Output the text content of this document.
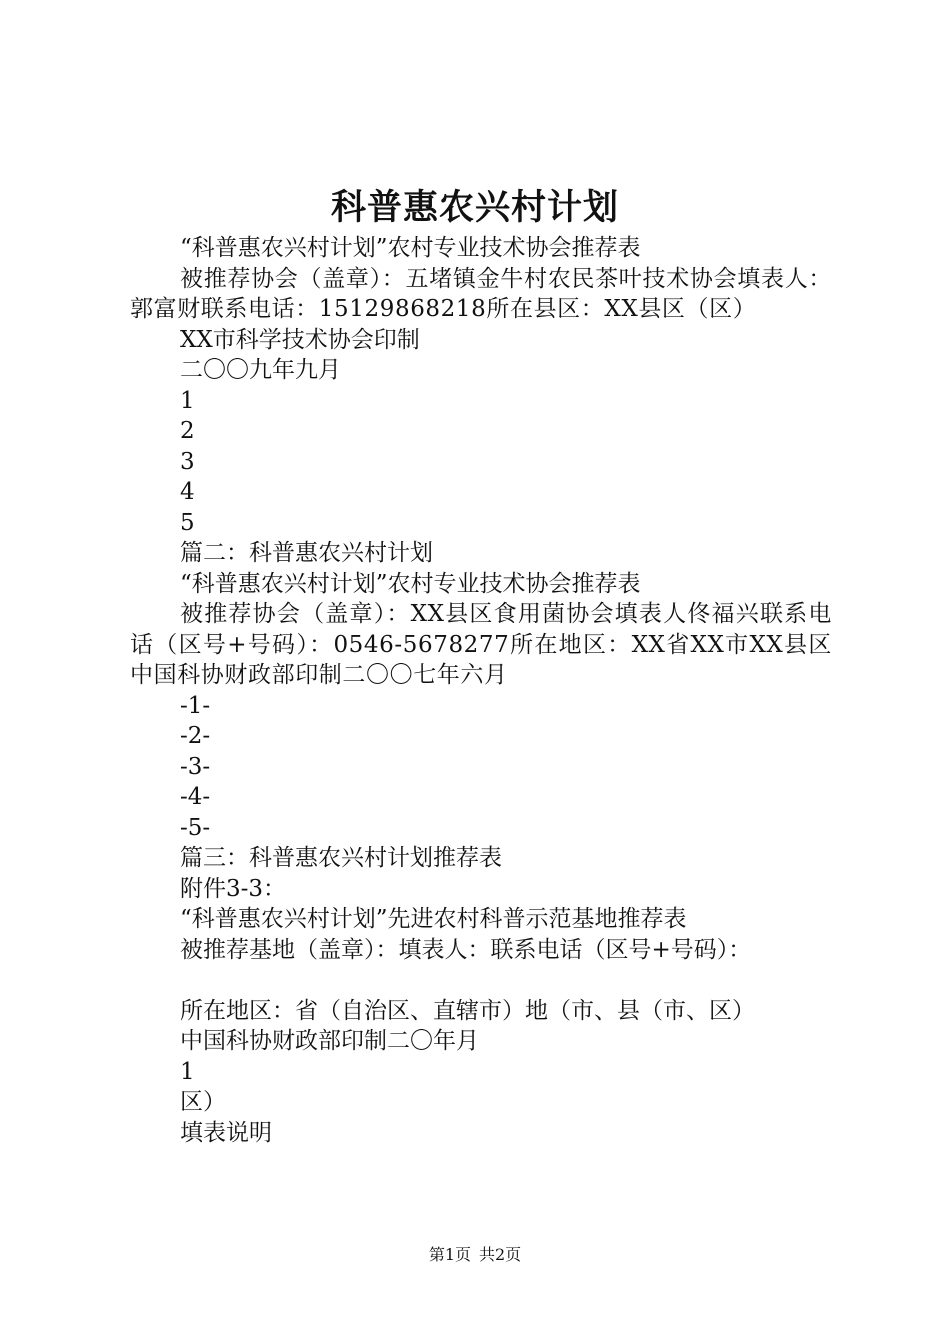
科普惠农兴村计划

“科普惠农兴村计划”农村专业技术协会推荐表

被推荐协会（盖章）：五堵镇金牛村农民茶叶技术协会填表人：郭富财联系电话：15129868218所在县区：XX县区（区）

XX市科学技术协会印制

二〇〇九年九月

1

2

3

4

5

篇二：科普惠农兴村计划

“科普惠农兴村计划”农村专业技术协会推荐表

被推荐协会（盖章）：XX县区食用菌协会填表人佟福兴联系电话（区号+号码）：0546-5678277所在地区：XX省XX市XX县区中国科协财政部印制二〇〇七年六月

-1-

-2-

-3-

-4-

-5-

篇三：科普惠农兴村计划推荐表

附件3-3：

“科普惠农兴村计划”先进农村科普示范基地推荐表

被推荐基地（盖章）：填表人：联系电话（区号+号码）：

所在地区：省（自治区、直辖市）地（市、县（市、区）

中国科协财政部印制二〇年月

1

区）

填表说明

第1页 共2页
